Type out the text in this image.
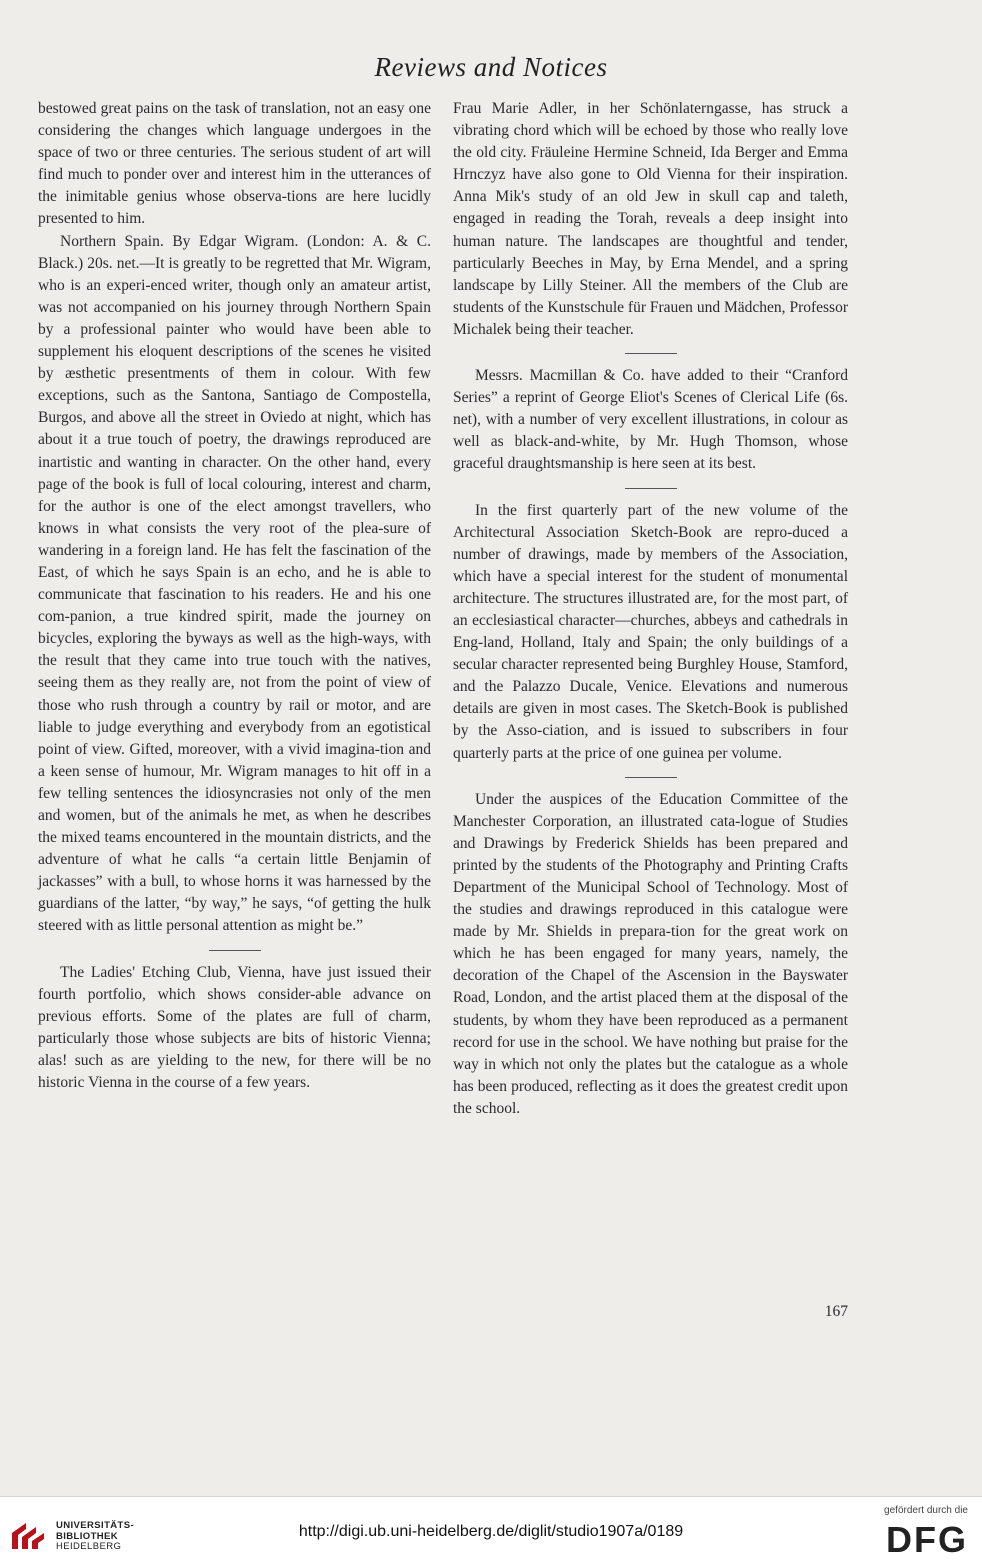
Reviews and Notices

bestowed great pains on the task of translation, not an easy one considering the changes which language undergoes in the space of two or three centuries. The serious student of art will find much to ponder over and interest him in the utterances of the inimitable genius whose observa-tions are here lucidly presented to him.

Northern Spain. By Edgar Wigram. (London: A. & C. Black.) 20s. net.—It is greatly to be regretted that Mr. Wigram, who is an experi-enced writer, though only an amateur artist, was not accompanied on his journey through Northern Spain by a professional painter who would have been able to supplement his eloquent descriptions of the scenes he visited by æsthetic presentments of them in colour. With few exceptions, such as the Santona, Santiago de Compostella, Burgos, and above all the street in Oviedo at night, which has about it a true touch of poetry, the drawings reproduced are inartistic and wanting in character. On the other hand, every page of the book is full of local colouring, interest and charm, for the author is one of the elect amongst travellers, who knows in what consists the very root of the plea-sure of wandering in a foreign land. He has felt the fascination of the East, of which he says Spain is an echo, and he is able to communicate that fascination to his readers. He and his one com-panion, a true kindred spirit, made the journey on bicycles, exploring the byways as well as the high-ways, with the result that they came into true touch with the natives, seeing them as they really are, not from the point of view of those who rush through a country by rail or motor, and are liable to judge everything and everybody from an egotistical point of view. Gifted, moreover, with a vivid imagina-tion and a keen sense of humour, Mr. Wigram manages to hit off in a few telling sentences the idiosyncrasies not only of the men and women, but of the animals he met, as when he describes the mixed teams encountered in the mountain districts, and the adventure of what he calls “a certain little Benjamin of jackasses” with a bull, to whose horns it was harnessed by the guardians of the latter, “by way,” he says, “of getting the hulk steered with as little personal attention as might be.”

The Ladies' Etching Club, Vienna, have just issued their fourth portfolio, which shows consider-able advance on previous efforts. Some of the plates are full of charm, particularly those whose subjects are bits of historic Vienna; alas! such as are yielding to the new, for there will be no historic Vienna in the course of a few years.

Frau Marie Adler, in her Schönlaterngasse, has struck a vibrating chord which will be echoed by those who really love the old city. Fräuleine Hermine Schneid, Ida Berger and Emma Hrnczyz have also gone to Old Vienna for their inspiration. Anna Mik's study of an old Jew in skull cap and taleth, engaged in reading the Torah, reveals a deep insight into human nature. The landscapes are thoughtful and tender, particularly Beeches in May, by Erna Mendel, and a spring landscape by Lilly Steiner. All the members of the Club are students of the Kunstschule für Frauen und Mädchen, Professor Michalek being their teacher.

Messrs. Macmillan & Co. have added to their “Cranford Series” a reprint of George Eliot's Scenes of Clerical Life (6s. net), with a number of very excellent illustrations, in colour as well as black-and-white, by Mr. Hugh Thomson, whose graceful draughtsmanship is here seen at its best.

In the first quarterly part of the new volume of the Architectural Association Sketch-Book are repro-duced a number of drawings, made by members of the Association, which have a special interest for the student of monumental architecture. The structures illustrated are, for the most part, of an ecclesiastical character—churches, abbeys and cathedrals in Eng-land, Holland, Italy and Spain; the only buildings of a secular character represented being Burghley House, Stamford, and the Palazzo Ducale, Venice. Elevations and numerous details are given in most cases. The Sketch-Book is published by the Asso-ciation, and is issued to subscribers in four quarterly parts at the price of one guinea per volume.

Under the auspices of the Education Committee of the Manchester Corporation, an illustrated cata-logue of Studies and Drawings by Frederick Shields has been prepared and printed by the students of the Photography and Printing Crafts Department of the Municipal School of Technology. Most of the studies and drawings reproduced in this catalogue were made by Mr. Shields in prepara-tion for the great work on which he has been engaged for many years, namely, the decoration of the Chapel of the Ascension in the Bayswater Road, London, and the artist placed them at the disposal of the students, by whom they have been reproduced as a permanent record for use in the school. We have nothing but praise for the way in which not only the plates but the catalogue as a whole has been produced, reflecting as it does the greatest credit upon the school.

167
UNIVERSITÄTS-
BIBLIOTHEK
HEIDELBERG
http://digi.ub.uni-heidelberg.de/diglit/studio1907a/0189
gefördert durch die
DFG
